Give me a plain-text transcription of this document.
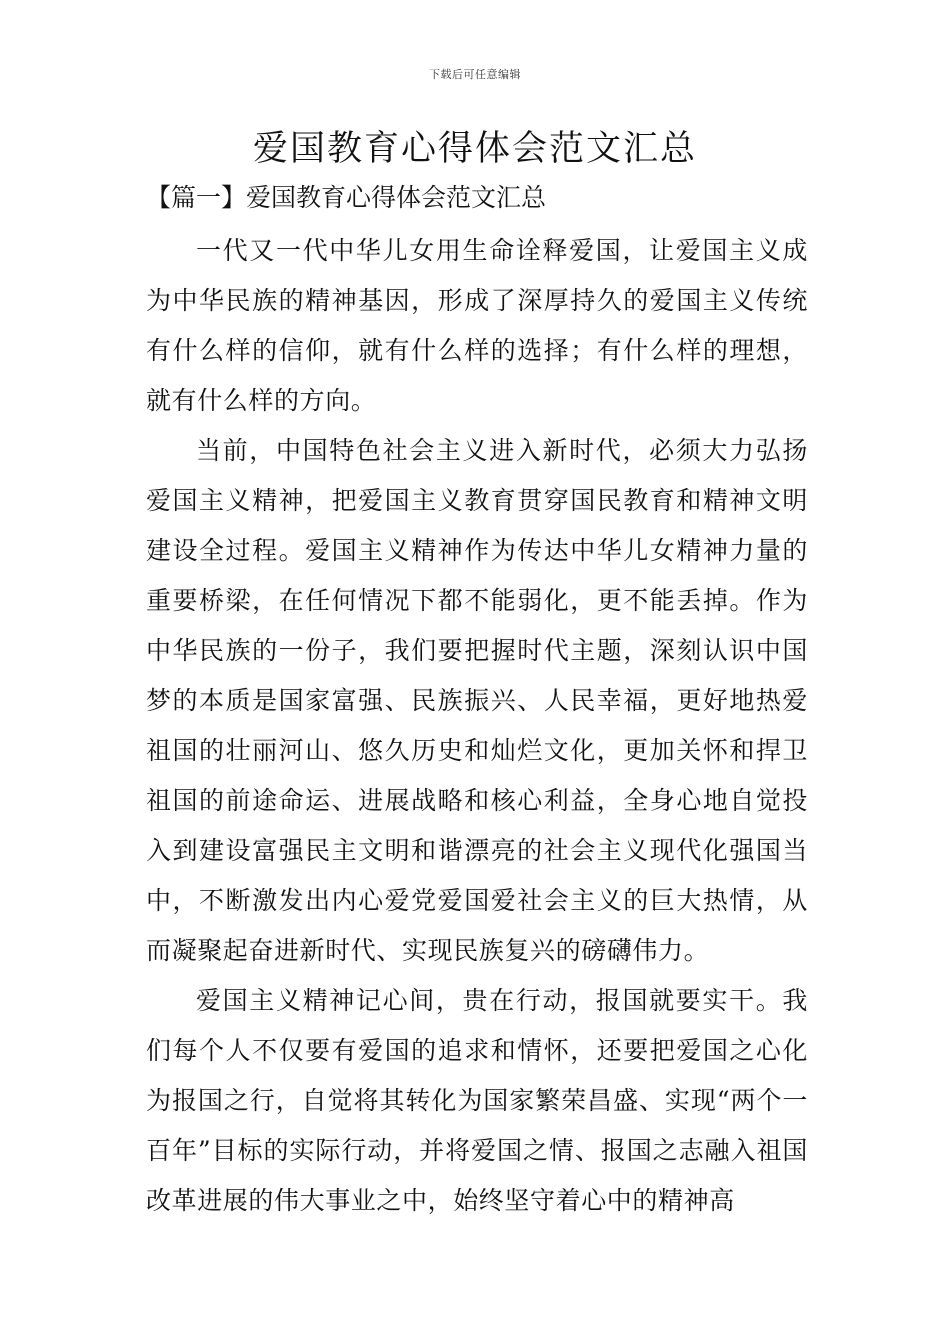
下载后可任意编辑
爱国教育心得体会范文汇总
【篇一】爱国教育心得体会范文汇总

一代又一代中华儿女用生命诠释爱国，让爱国主义成为中华民族的精神基因，形成了深厚持久的爱国主义传统有什么样的信仰，就有什么样的选择；有什么样的理想，就有什么样的方向。

当前，中国特色社会主义进入新时代，必须大力弘扬爱国主义精神，把爱国主义教育贯穿国民教育和精神文明建设全过程。爱国主义精神作为传达中华儿女精神力量的重要桥梁，在任何情况下都不能弱化，更不能丢掉。作为中华民族的一份子，我们要把握时代主题，深刻认识中国梦的本质是国家富强、民族振兴、人民幸福，更好地热爱祖国的壮丽河山、悠久历史和灿烂文化，更加关怀和捍卫祖国的前途命运、进展战略和核心利益，全身心地自觉投入到建设富强民主文明和谐漂亮的社会主义现代化强国当中，不断激发出内心爱党爱国爱社会主义的巨大热情，从而凝聚起奋进新时代、实现民族复兴的磅礴伟力。

爱国主义精神记心间，贵在行动，报国就要实干。我们每个人不仅要有爱国的追求和情怀，还要把爱国之心化为报国之行，自觉将其转化为国家繁荣昌盛、实现“两个一百年”目标的实际行动，并将爱国之情、报国之志融入祖国改革进展的伟大事业之中，始终坚守着心中的精神高
